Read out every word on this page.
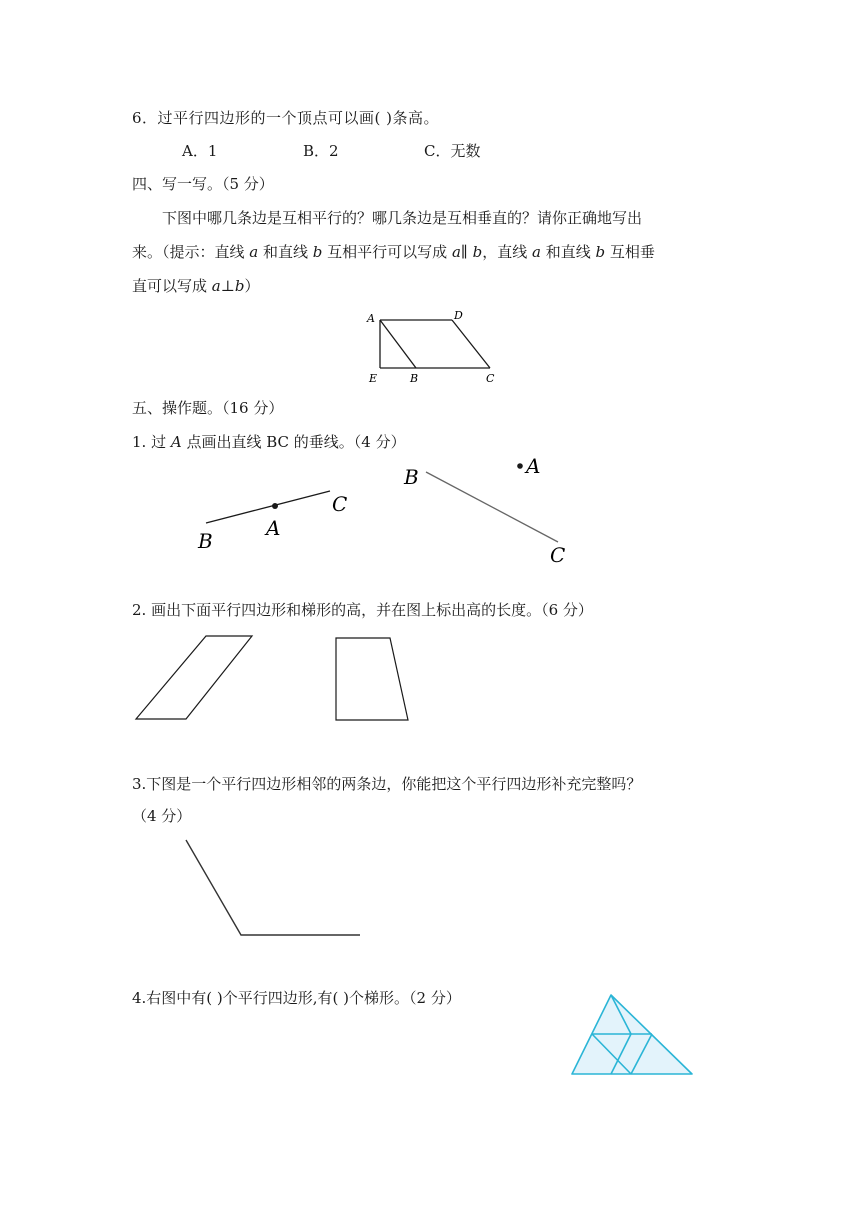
6．过平行四边形的一个顶点可以画( )条高。
A．1	B．2	C．无数
四、写一写。（5 分）
下图中哪几条边是互相平行的？哪几条边是互相垂直的？请你正确地写出
来。（提示：直线 a 和直线 b 互相平行可以写成 a∥ b，直线 a 和直线 b 互相垂
直可以写成 a⊥b）
A	D
E	B	C
五、操作题。（16 分）
1. 过 A 点画出直线 BC 的垂线。（4 分）
B
A
C
B	A
C
2. 画出下面平行四边形和梯形的高，并在图上标出高的长度。（6 分）
3.下图是一个平行四边形相邻的两条边，你能把这个平行四边形补充完整吗？
（4 分）
4.右图中有( )个平行四边形,有( )个梯形。（2 分）
